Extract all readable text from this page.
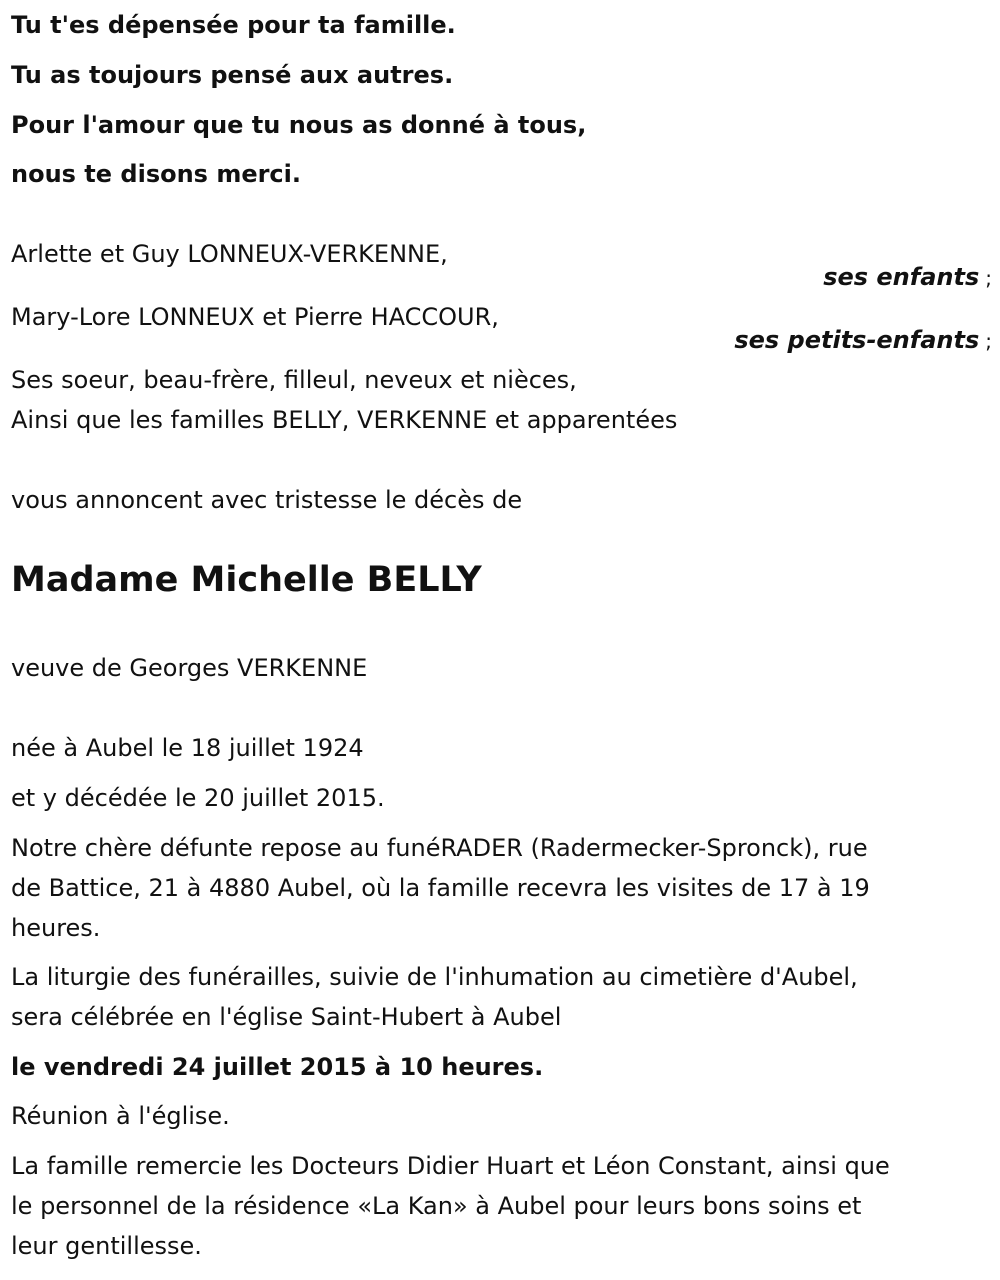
Tu t'es dépensée pour ta famille.
Tu as toujours pensé aux autres.
Pour l'amour que tu nous as donné à tous,
nous te disons merci.
Arlette et Guy LONNEUX-VERKENNE,
ses enfants ;
Mary-Lore LONNEUX et Pierre HACCOUR,
ses petits-enfants ;
Ses soeur, beau-frère, filleul, neveux et nièces,
Ainsi que les familles BELLY, VERKENNE et apparentées
vous annoncent avec tristesse le décès de
Madame Michelle BELLY
veuve de Georges VERKENNE
née à Aubel le 18 juillet 1924
et y décédée le 20 juillet 2015.
Notre chère défunte repose au funéRADER (Radermecker-Spronck), rue
de Battice, 21 à 4880 Aubel, où la famille recevra les visites de 17 à 19
heures.
La liturgie des funérailles, suivie de l'inhumation au cimetière d'Aubel,
sera célébrée en l'église Saint-Hubert à Aubel
le vendredi 24 juillet 2015 à 10 heures.
Réunion à l'église.
La famille remercie les Docteurs Didier Huart et Léon Constant, ainsi que
le personnel de la résidence «La Kan» à Aubel pour leurs bons soins et
leur gentillesse.
